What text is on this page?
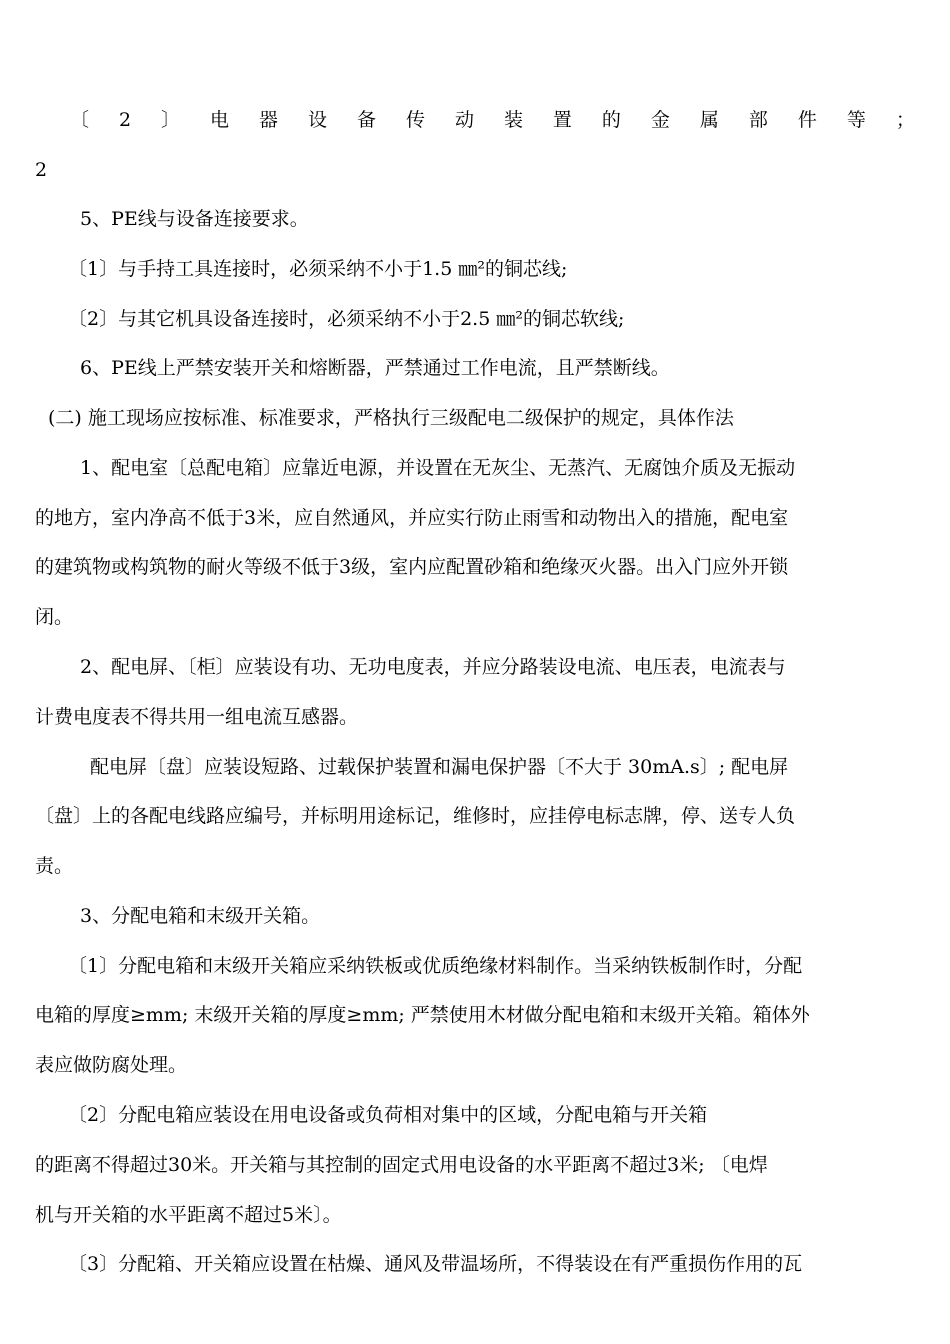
〔 2 〕 电 器 设 备 传 动 装 置 的 金 属 部 件 等 ；
2
5、PE线与设备连接要求。
〔1〕与手持工具连接时，必须采纳不小于1.5 ㎜²的铜芯线;
〔2〕与其它机具设备连接时，必须采纳不小于2.5 ㎜²的铜芯软线;
6、PE线上严禁安装开关和熔断器，严禁通过工作电流，且严禁断线。
(二) 施工现场应按标准、标准要求，严格执行三级配电二级保护的规定，具体作法
1、配电室〔总配电箱〕应靠近电源，并设置在无灰尘、无蒸汽、无腐蚀介质及无振动
的地方，室内净高不低于3米，应自然通风，并应实行防止雨雪和动物出入的措施，配电室
的建筑物或构筑物的耐火等级不低于3级，室内应配置砂箱和绝缘灭火器。出入门应外开锁
闭。
2、配电屏、〔柜〕应装设有功、无功电度表，并应分路装设电流、电压表，电流表与
计费电度表不得共用一组电流互感器。
配电屏〔盘〕应装设短路、过载保护装置和漏电保护器〔不大于 30mA.s〕; 配电屏
〔盘〕上的各配电线路应编号，并标明用途标记，维修时，应挂停电标志牌，停、送专人负
责。
3、分配电箱和末级开关箱。
〔1〕分配电箱和末级开关箱应采纳铁板或优质绝缘材料制作。当采纳铁板制作时，分配
电箱的厚度≥mm; 末级开关箱的厚度≥mm; 严禁使用木材做分配电箱和末级开关箱。箱体外
表应做防腐处理。
〔2〕分配电箱应装设在用电设备或负荷相对集中的区域，分配电箱与开关箱
的距离不得超过30米。开关箱与其控制的固定式用电设备的水平距离不超过3米; 〔电焊
机与开关箱的水平距离不超过5米〕。
〔3〕分配箱、开关箱应设置在枯燥、通风及带温场所，不得装设在有严重损伤作用的瓦
